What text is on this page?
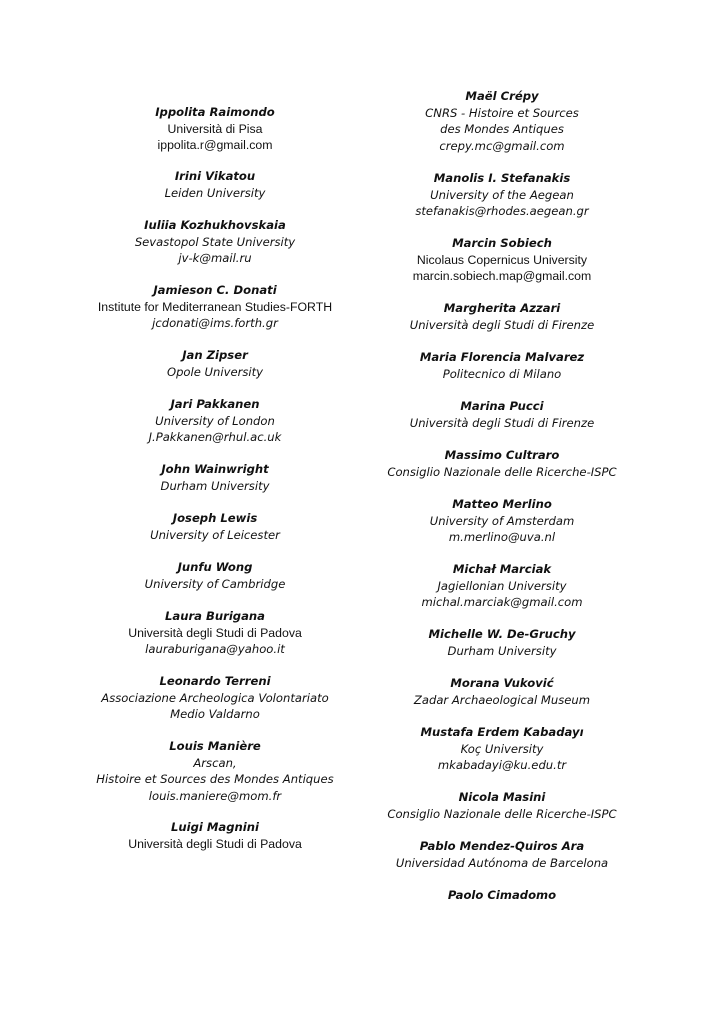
Ippolita Raimondo
Università di Pisa
ippolita.r@gmail.com
Irini Vikatou
Leiden University
Iuliia Kozhukhovskaia
Sevastopol State University
jv-k@mail.ru
Jamieson C. Donati
Institute for Mediterranean Studies-FORTH
jcdonati@ims.forth.gr
Jan Zipser
Opole University
Jari Pakkanen
University of London
J.Pakkanen@rhul.ac.uk
John Wainwright
Durham University
Joseph Lewis
University of Leicester
Junfu Wong
University of Cambridge
Laura Burigana
Università degli Studi di Padova
lauraburigana@yahoo.it
Leonardo Terreni
Associazione Archeologica Volontariato
Medio Valdarno
Louis Manière
Arscan,
Histoire et Sources des Mondes Antiques
louis.maniere@mom.fr
Luigi Magnini
Università degli Studi di Padova
Maël Crépy
CNRS - Histoire et Sources
des Mondes Antiques
crepy.mc@gmail.com
Manolis I. Stefanakis
University of the Aegean
stefanakis@rhodes.aegean.gr
Marcin Sobiech
Nicolaus Copernicus University
marcin.sobiech.map@gmail.com
Margherita Azzari
Università degli Studi di Firenze
Maria Florencia Malvarez
Politecnico di Milano
Marina Pucci
Università degli Studi di Firenze
Massimo Cultraro
Consiglio Nazionale delle Ricerche-ISPC
Matteo Merlino
University of Amsterdam
m.merlino@uva.nl
Michał Marciak
Jagiellonian University
michal.marciak@gmail.com
Michelle W. De-Gruchy
Durham University
Morana Vuković
Zadar Archaeological Museum
Mustafa Erdem Kabadayı
Koç University
mkabadayi@ku.edu.tr
Nicola Masini
Consiglio Nazionale delle Ricerche-ISPC
Pablo Mendez-Quiros Ara
Universidad Autónoma de Barcelona
Paolo Cimadomo
